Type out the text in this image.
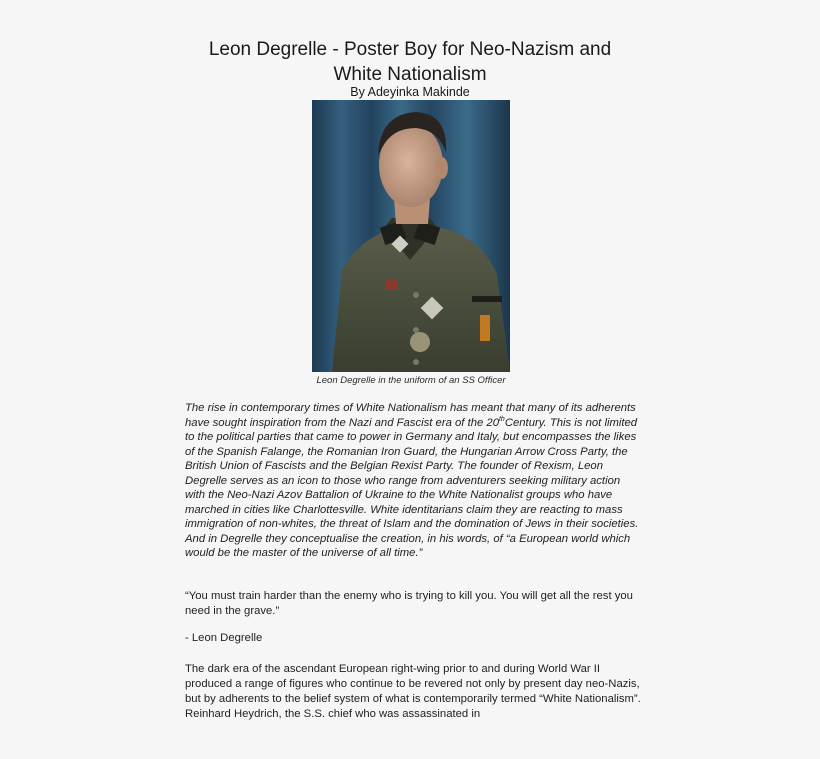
Leon Degrelle - Poster Boy for Neo-Nazism and
White Nationalism
By Adeyinka Makinde
Leon Degrelle in the uniform of an SS Officer
The rise in contemporary times of White Nationalism has meant that many of its adherents have sought inspiration from the Nazi and Fascist era of the 20thCentury. This is not limited to the political parties that came to power in Germany and Italy, but encompasses the likes of the Spanish Falange, the Romanian Iron Guard, the Hungarian Arrow Cross Party, the British Union of Fascists and the Belgian Rexist Party. The founder of Rexism, Leon Degrelle serves as an icon to those who range from adventurers seeking military action with the Neo-Nazi Azov Battalion of Ukraine to the White Nationalist groups who have marched in cities like Charlottesville. White identitarians claim they are reacting to mass immigration of non-whites, the threat of Islam and the domination of Jews in their societies. And in Degrelle they conceptualise the creation, in his words, of “a European world which would be the master of the universe of all time.”
“You must train harder than the enemy who is trying to kill you. You will get all the rest you need in the grave.”
- Leon Degrelle
The dark era of the ascendant European right-wing prior to and during World War II produced a range of figures who continue to be revered not only by present day neo-Nazis, but by adherents to the belief system of what is contemporarily termed “White Nationalism”. Reinhard Heydrich, the S.S. chief who was assassinated in
